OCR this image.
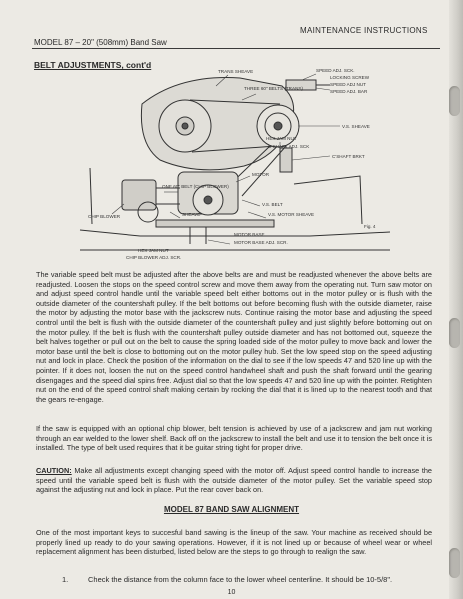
MAINTENANCE INSTRUCTIONS
MODEL 87 – 20" (508mm) Band Saw
BELT ADJUSTMENTS, cont'd
TRANS SHEAVE
THREE 60" BELTS (TRANS)
SPEED ADJ. SCK.
LOCKING SCREW
SPEED ADJ NUT
SPEED ADJ. BAR
V.S. SHEAVE
HEX JAM NUT
C SHAFT ADJ. SCK
C'SHAFT BRKT
MOTOR
ONE 60" BELT (CHIP BLOWER)
V.S. BELT
SHEAVE	V.S. MOTOR SHEAVE
CHIP BLOWER
MOTOR BASE
MOTOR BASE ADJ. SCR.
HEX JAM NUT
CHIP BLOWER ADJ. SCR.
Fig. 4

The variable speed belt must be adjusted after the above belts are and must be readjusted whenever the above belts are readjusted. Loosen the stops on the speed control screw and move them away from the operating nut. Turn saw motor on and adjust speed control handle until the variable speed belt either bottoms out in the motor pulley or is flush with the outside diameter of the countershaft pulley. If the belt bottoms out before becoming flush with the outside diameter, raise the motor by adjusting the motor base with the jackscrew nuts. Continue raising the motor base and adjusting the speed control until the belt is flush with the outside diameter of the countershaft pulley and just slightly before bottoming out on the motor pulley. If the belt is flush with the countershaft pulley outside diameter and has not bottomed out, squeeze the belt halves together or pull out on the belt to cause the spring loaded side of the motor pulley to move back and lower the motor base until the belt is close to bottoming out on the motor pulley hub. Set the low speed stop on the speed adjusting nut and lock in place. Check the position of the information on the dial to see if the low speeds 47 and 520 line up with the pointer. If it does not, loosen the nut on the speed control handwheel shaft and push the shaft forward until the gearing disengages and the speed dial spins free. Adjust dial so that the low speeds 47 and 520 line up with the pointer. Retighten nut on the end of the speed control shaft making certain by rocking the dial that it is lined up to the nearest tooth and that the gears re-engage.

If the saw is equipped with an optional chip blower, belt tension is achieved by use of a jackscrew and jam nut working through an ear welded to the lower shelf. Back off on the jackscrew to install the belt and use it to tension the belt once it is installed. The type of belt used requires that it be guitar string tight for proper drive.

CAUTION: Make all adjustments except changing speed with the motor off. Adjust speed control handle to increase the speed until the variable speed belt is flush with the outside diameter of the motor pulley. Set the variable speed stop against the adjusting nut and lock in place. Put the rear cover back on.

MODEL 87 BAND SAW ALIGNMENT

One of the most important keys to succesful band sawing is the lineup of the saw. Your machine as received should be properly lined up ready to do your sawing operations. However, if it is not lined up or because of wheel wear or wheel replacement alignment has been disturbed, listed below are the steps to go through to realign the saw.

1.	Check the distance from the column face to the lower wheel centerline. It should be 10-5/8".
10
